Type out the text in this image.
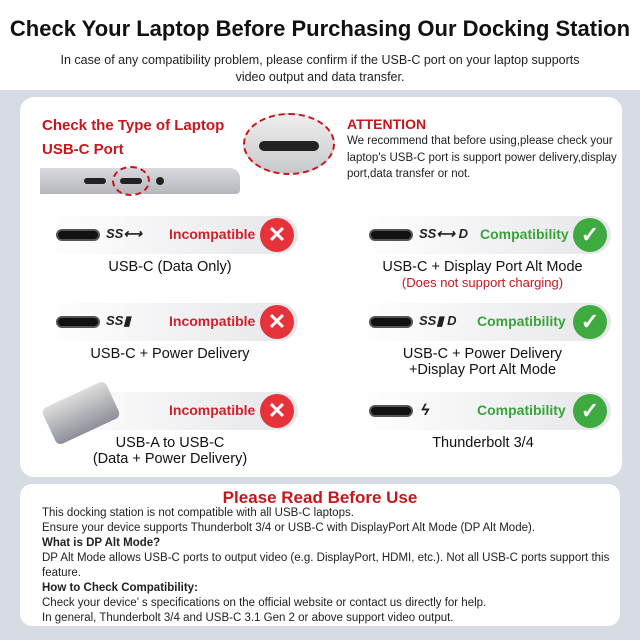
Check Your Laptop Before Purchasing Our Docking Station
In case of any compatibility problem, please confirm if the USB-C port on your laptop supports video output and data transfer.
Check the Type of Laptop
USB-C Port
ATTENTION
We recommend that before using,please check your laptop's USB-C port is support power delivery,display port,data transfer or not.
SS⟷ Incompatible ✕	SS⟷ D Compatibility ✓
SS▮	Incompatible ✕	SS▮ D Compatibility ✓
Incompatible ✕	ϟ	Compatibility ✓
USB-C (Data Only)	USB-C + Display Port Alt Mode
(Does not support charging)
USB-C + Power Delivery	USB-C + Power Delivery
+Display Port Alt Mode
USB-A to USB-C
(Data + Power Delivery)
Thunderbolt 3/4
Please Read Before Use
This docking station is not compatible with all USB-C laptops.
Ensure your device supports Thunderbolt 3/4 or USB-C with DisplayPort Alt Mode (DP Alt Mode).
What is DP Alt Mode?
DP Alt Mode allows USB-C ports to output video (e.g. DisplayPort, HDMI, etc.). Not all USB-C ports support this feature.
How to Check Compatibility:
Check your device’ s specifications on the official website or contact us directly for help.
In general, Thunderbolt 3/4 and USB-C 3.1 Gen 2 or above support video output.
